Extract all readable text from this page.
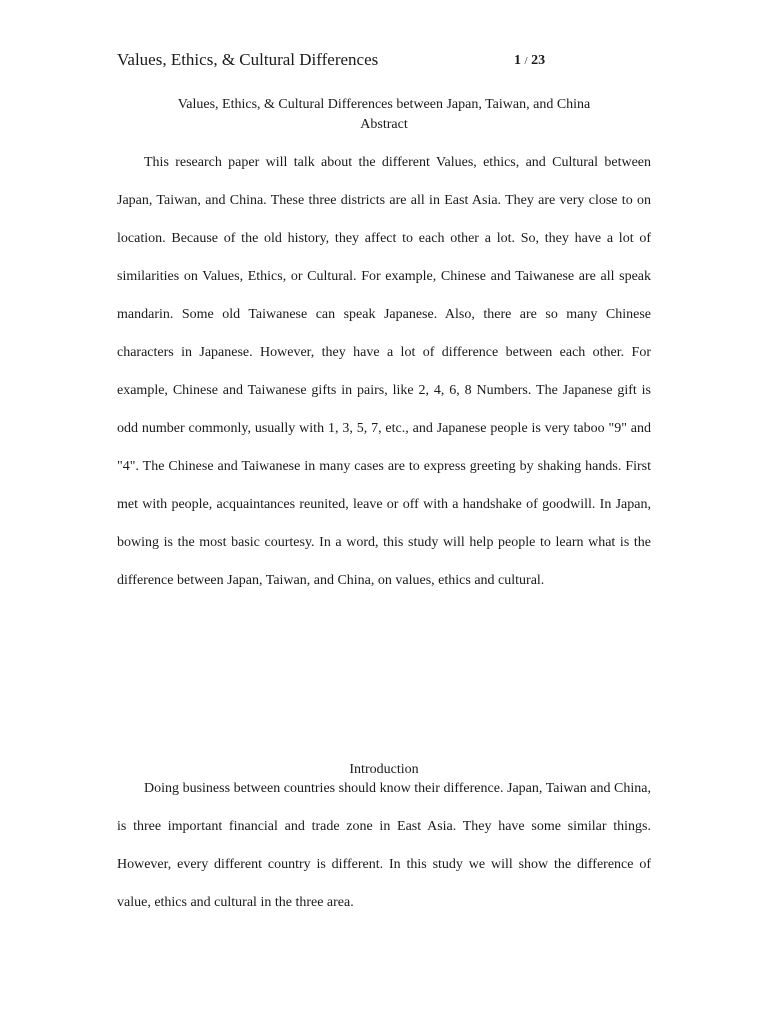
Values, Ethics, & Cultural Differences	1 / 23
Values, Ethics, & Cultural Differences between Japan, Taiwan, and China
Abstract

This research paper will talk about the different Values, ethics, and Cultural between Japan, Taiwan, and China. These three districts are all in East Asia. They are very close to on location. Because of the old history, they affect to each other a lot. So, they have a lot of similarities on Values, Ethics, or Cultural. For example, Chinese and Taiwanese are all speak mandarin. Some old Taiwanese can speak Japanese. Also, there are so many Chinese characters in Japanese. However, they have a lot of difference between each other. For example, Chinese and Taiwanese gifts in pairs, like 2, 4, 6, 8 Numbers. The Japanese gift is odd number commonly, usually with 1, 3, 5, 7, etc., and Japanese people is very taboo "9" and "4". The Chinese and Taiwanese in many cases are to express greeting by shaking hands. First met with people, acquaintances reunited, leave or off with a handshake of goodwill. In Japan, bowing is the most basic courtesy. In a word, this study will help people to learn what is the difference between Japan, Taiwan, and China, on values, ethics and cultural.

Introduction

Doing business between countries should know their difference. Japan, Taiwan and China, is three important financial and trade zone in East Asia. They have some similar things. However, every different country is different. In this study we will show the difference of value, ethics and cultural in the three area.
